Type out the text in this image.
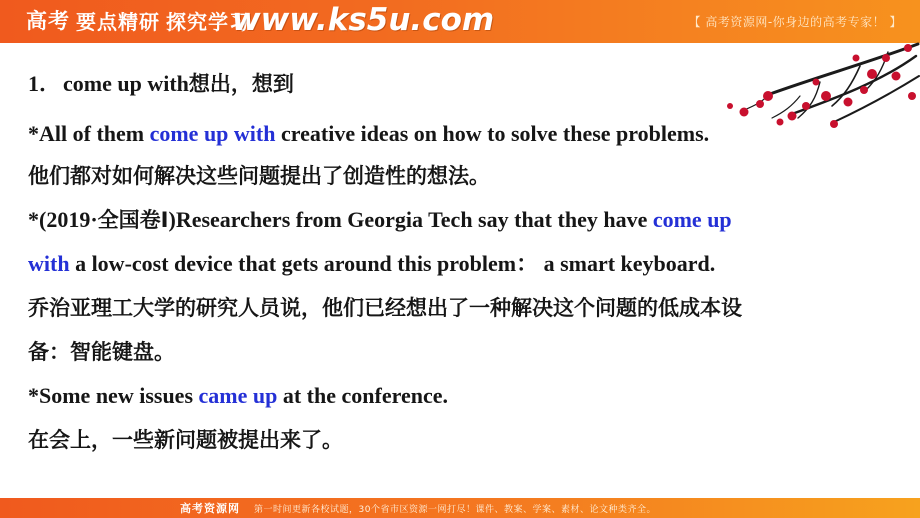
高考 要点精研 探究学习
www.ks5u.com	【 高考资源网-你身边的高考专家！ 】
1．come up with想出，想到
*All of them come up with creative ideas on how to solve these problems.
他们都对如何解决这些问题提出了创造性的想法。
*(2019·全国卷Ⅰ)Researchers from Georgia Tech say that they have come up
with a low-cost device that gets around this problem： a smart keyboard.
乔治亚理工大学的研究人员说，他们已经想出了一种解决这个问题的低成本设
备：智能键盘。
*Some new issues came up at the conference.
在会上，一些新问题被提出来了。
高考资源网 第一时间更新各校试题，30个省市区资源一网打尽！课件、教案、学案、素材、论文种类齐全。
